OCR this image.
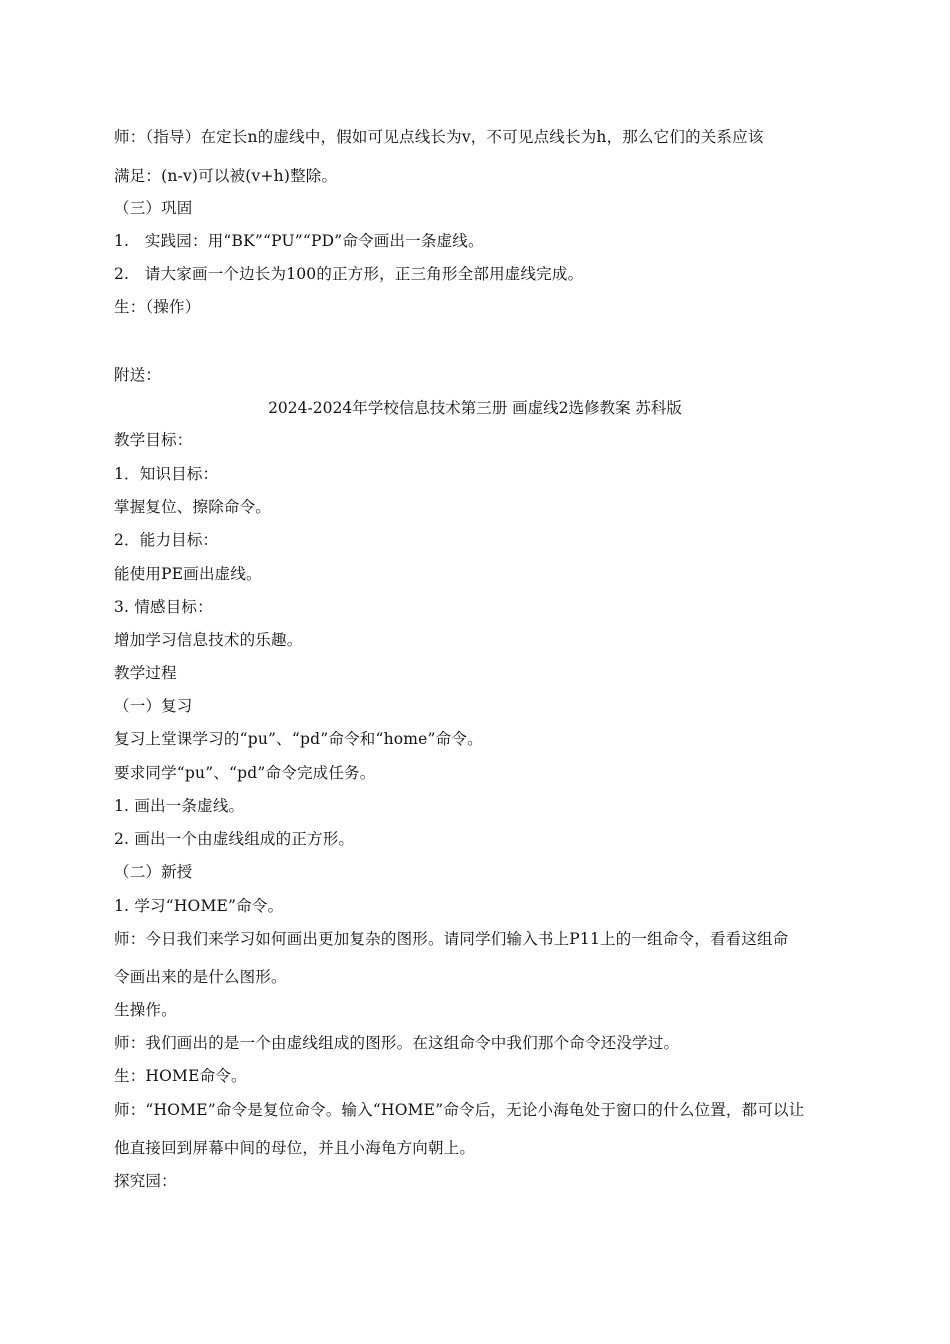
师：（指导）在定长n的虚线中，假如可见点线长为v，不可见点线长为h，那么它们的关系应该
满足：(n-v)可以被(v+h)整除。
（三）巩固
1.　实践园：用“BK”“PU”“PD”命令画出一条虚线。
2.　请大家画一个边长为100的正方形，正三角形全部用虚线完成。
生：（操作）
附送：
2024-2024年学校信息技术第三册 画虚线2选修教案 苏科版
教学目标：
1．知识目标：
掌握复位、擦除命令。
2．能力目标：
能使用PE画出虚线。
3. 情感目标：
增加学习信息技术的乐趣。
教学过程
（一）复习
复习上堂课学习的“pu”、“pd”命令和“home”命令。
要求同学“pu”、“pd”命令完成任务。
1. 画出一条虚线。
2. 画出一个由虚线组成的正方形。
（二）新授
1. 学习“HOME”命令。
师：今日我们来学习如何画出更加复杂的图形。请同学们输入书上P11上的一组命令，看看这组命
令画出来的是什么图形。
生操作。
师：我们画出的是一个由虚线组成的图形。在这组命令中我们那个命令还没学过。
生：HOME命令。
师：“HOME”命令是复位命令。输入“HOME”命令后，无论小海龟处于窗口的什么位置，都可以让
他直接回到屏幕中间的母位，并且小海龟方向朝上。
探究园：
